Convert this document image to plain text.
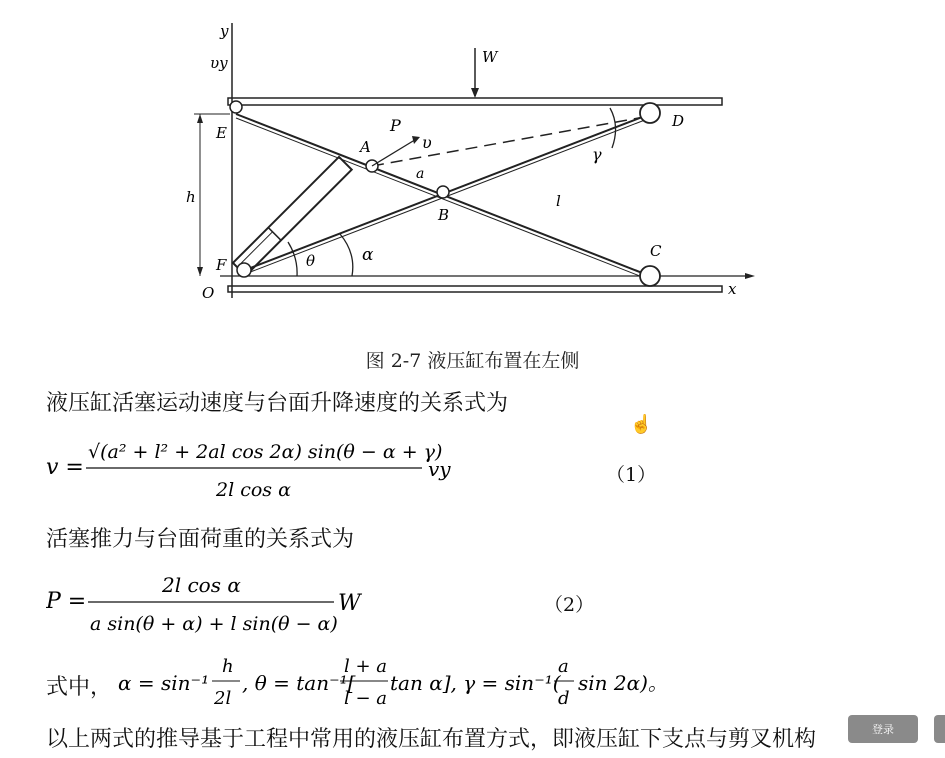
y
υy	W
E	P
υ
A
D
γ
a
h
B
l
C
F	θ	α
O	x
图 2-7 液压缸布置在左侧
液压缸活塞运动速度与台面升降速度的关系式为
v =
√(a² + l² + 2al cos 2α) sin(θ − α + γ)
2l cos α
vy	（1）
活塞推力与台面荷重的关系式为
P =
2l cos α
a sin(θ + α) + l sin(θ − α)
W	（2）
式中， α = sin⁻¹
h
2l
, θ = tan⁻¹[
l + a
l − a
tan α], γ = sin⁻¹(
a
d
sin 2α)。
以上两式的推导基于工程中常用的液压缸布置方式，即液压缸下支点与剪叉机构
☝
登录
